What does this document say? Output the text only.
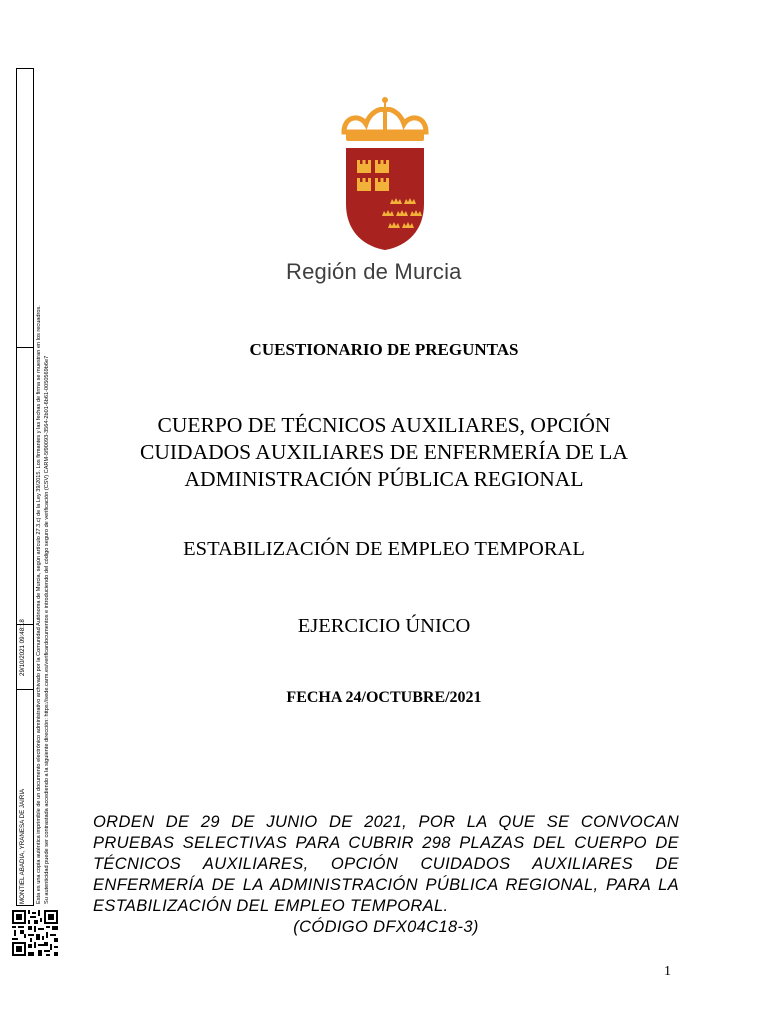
MONTIEL ABADIA, YRANESA DE JAIRIA
29/10/2021 09:48:18 Esta es una copia auténtica imprimible de un documento electrónico administrativo archivado por la Comunidad Autónoma de Murcia, según artículo 27.3.c) de la Ley 39/2015. Los firmantes y las fechas de firma se muestran en los recuadros. Su autenticidad puede ser contrastada accediendo a la siguiente dirección: https://sede.carm.es/verificardocumentos e introduciendo del código seguro de verificación (CSV) CARM-5f90093-3564-2b01-6b61-0050569b6e7
Región de Murcia
CUESTIONARIO DE PREGUNTAS
CUERPO DE TÉCNICOS AUXILIARES, OPCIÓN
CUIDADOS AUXILIARES DE ENFERMERÍA DE LA
ADMINISTRACIÓN PÚBLICA REGIONAL
ESTABILIZACIÓN DE EMPLEO TEMPORAL
EJERCICIO ÚNICO
FECHA 24/OCTUBRE/2021
ORDEN DE 29 DE JUNIO DE 2021, POR LA QUE SE CONVOCAN PRUEBAS SELECTIVAS PARA CUBRIR 298 PLAZAS DEL CUERPO DE TÉCNICOS AUXILIARES, OPCIÓN CUIDADOS AUXILIARES DE ENFERMERÍA DE LA ADMINISTRACIÓN PÚBLICA REGIONAL, PARA LA ESTABILIZACIÓN DEL EMPLEO TEMPORAL.
(CÓDIGO DFX04C18-3)
1
